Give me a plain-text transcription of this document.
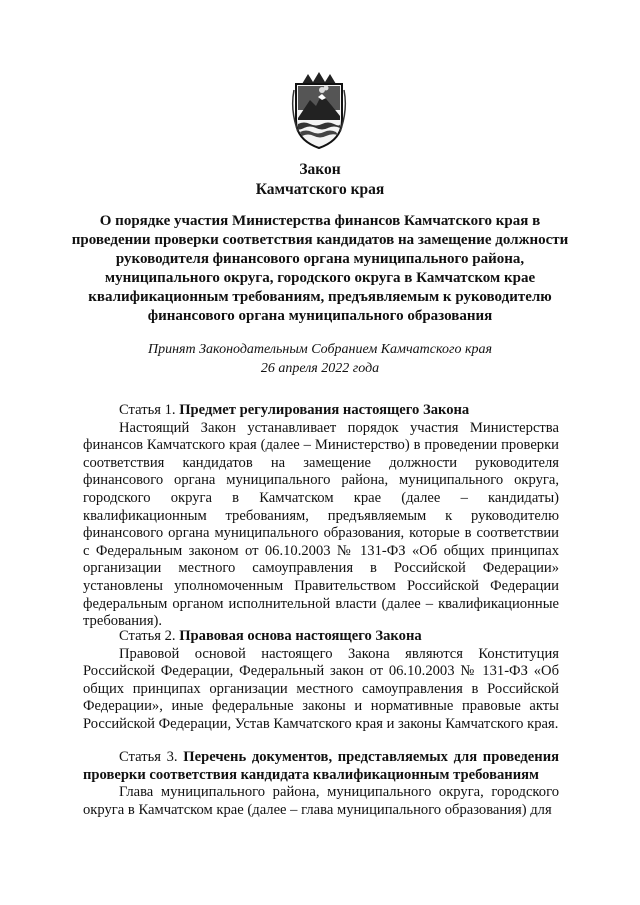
Закон
Камчатского края
О порядке участия Министерства финансов Камчатского края в проведении проверки соответствия кандидатов на замещение должности руководителя финансового органа муниципального района, муниципального округа, городского округа в Камчатском крае квалификационным требованиям, предъявляемым к руководителю финансового органа муниципального образования
Принят Законодательным Собранием Камчатского края
26 апреля 2022 года

Статья 1. Предмет регулирования настоящего Закона

Настоящий Закон устанавливает порядок участия Министерства финансов Камчатского края (далее – Министерство) в проведении проверки соответствия кандидатов на замещение должности руководителя финансового органа муниципального района, муниципального округа, городского округа в Камчатском крае (далее – кандидаты) квалификационным требованиям, предъявляемым к руководителю финансового органа муниципального образования, которые в соответствии с Федеральным законом от 06.10.2003 № 131-ФЗ «Об общих принципах организации местного самоуправления в Российской Федерации» установлены уполномоченным Правительством Российской Федерации федеральным органом исполнительной власти (далее – квалификационные требования).

Статья 2. Правовая основа настоящего Закона

Правовой основой настоящего Закона являются Конституция Российской Федерации, Федеральный закон от 06.10.2003 № 131-ФЗ «Об общих принципах организации местного самоуправления в Российской Федерации», иные федеральные законы и нормативные правовые акты Российской Федерации, Устав Камчатского края и законы Камчатского края.

Статья 3. Перечень документов, представляемых для проведения проверки соответствия кандидата квалификационным требованиям

Глава муниципального района, муниципального округа, городского округа в Камчатском крае (далее – глава муниципального образования) для
